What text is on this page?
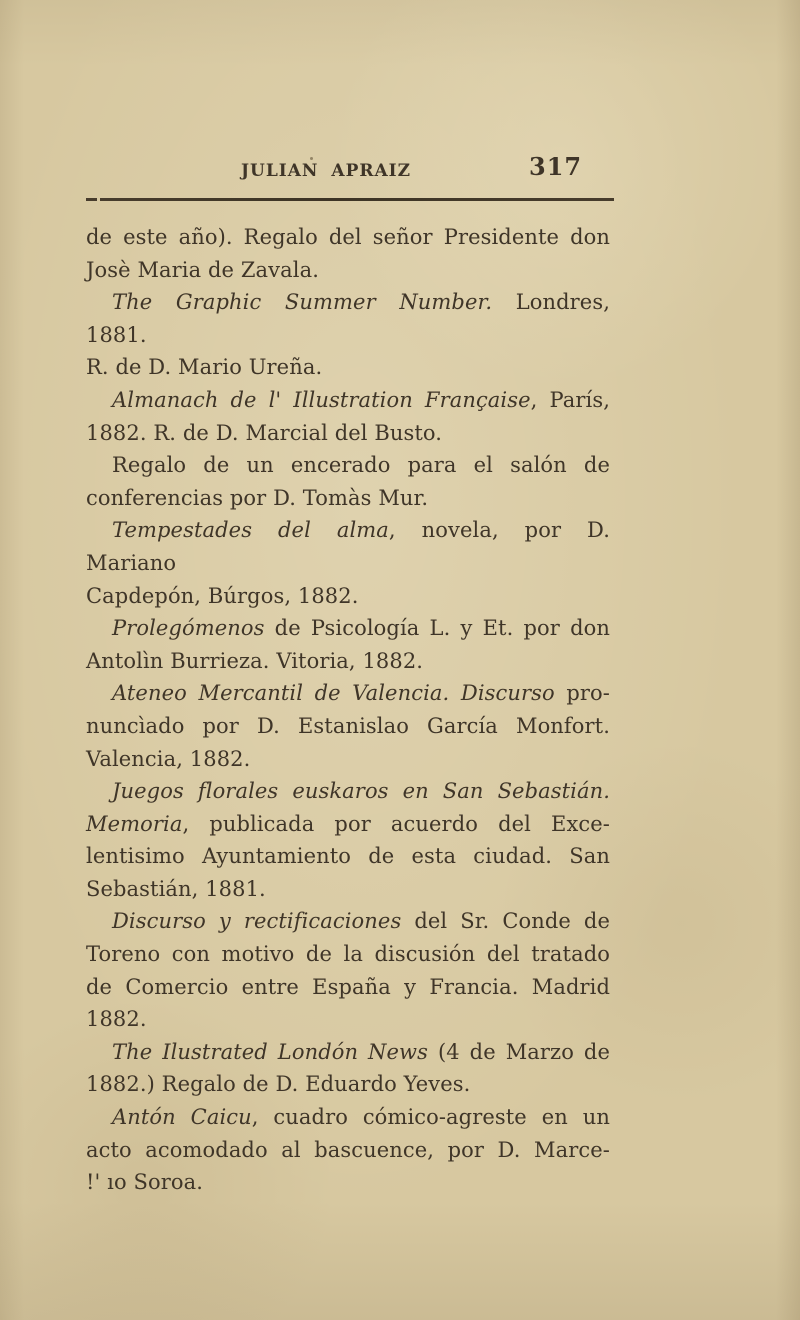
JULIAN APRAIZ	317
de este año). Regalo del señor Presidente don
Josè Maria de Zavala.
The Graphic Summer Number. Londres, 1881.
R. de D. Mario Ureña.
Almanach de l' Illustration Française, París,
1882. R. de D. Marcial del Busto.
Regalo de un encerado para el salón de
conferencias por D. Tomàs Mur.
Tempestades del alma, novela, por D. Mariano
Capdepón, Búrgos, 1882.
Prolegómenos de Psicología L. y Et. por don
Antolìn Burrieza. Vitoria, 1882.
Ateneo Mercantil de Valencia. Discurso pro-
nuncìado por D. Estanislao García Monfort.
Valencia, 1882.
Juegos florales euskaros en San Sebastián.
Memoria, publicada por acuerdo del Exce-
lentisimo Ayuntamiento de esta ciudad. San
Sebastián, 1881.
Discurso y rectificaciones del Sr. Conde de
Toreno con motivo de la discusión del tratado
de Comercio entre España y Francia. Madrid
1882.
The Ilustrated Londón News (4 de Marzo de
1882.) Regalo de D. Eduardo Yeves.
Antón Caicu, cuadro cómico-agreste en un
acto acomodado al bascuence, por D. Marce-
!' ıo Soroa.
